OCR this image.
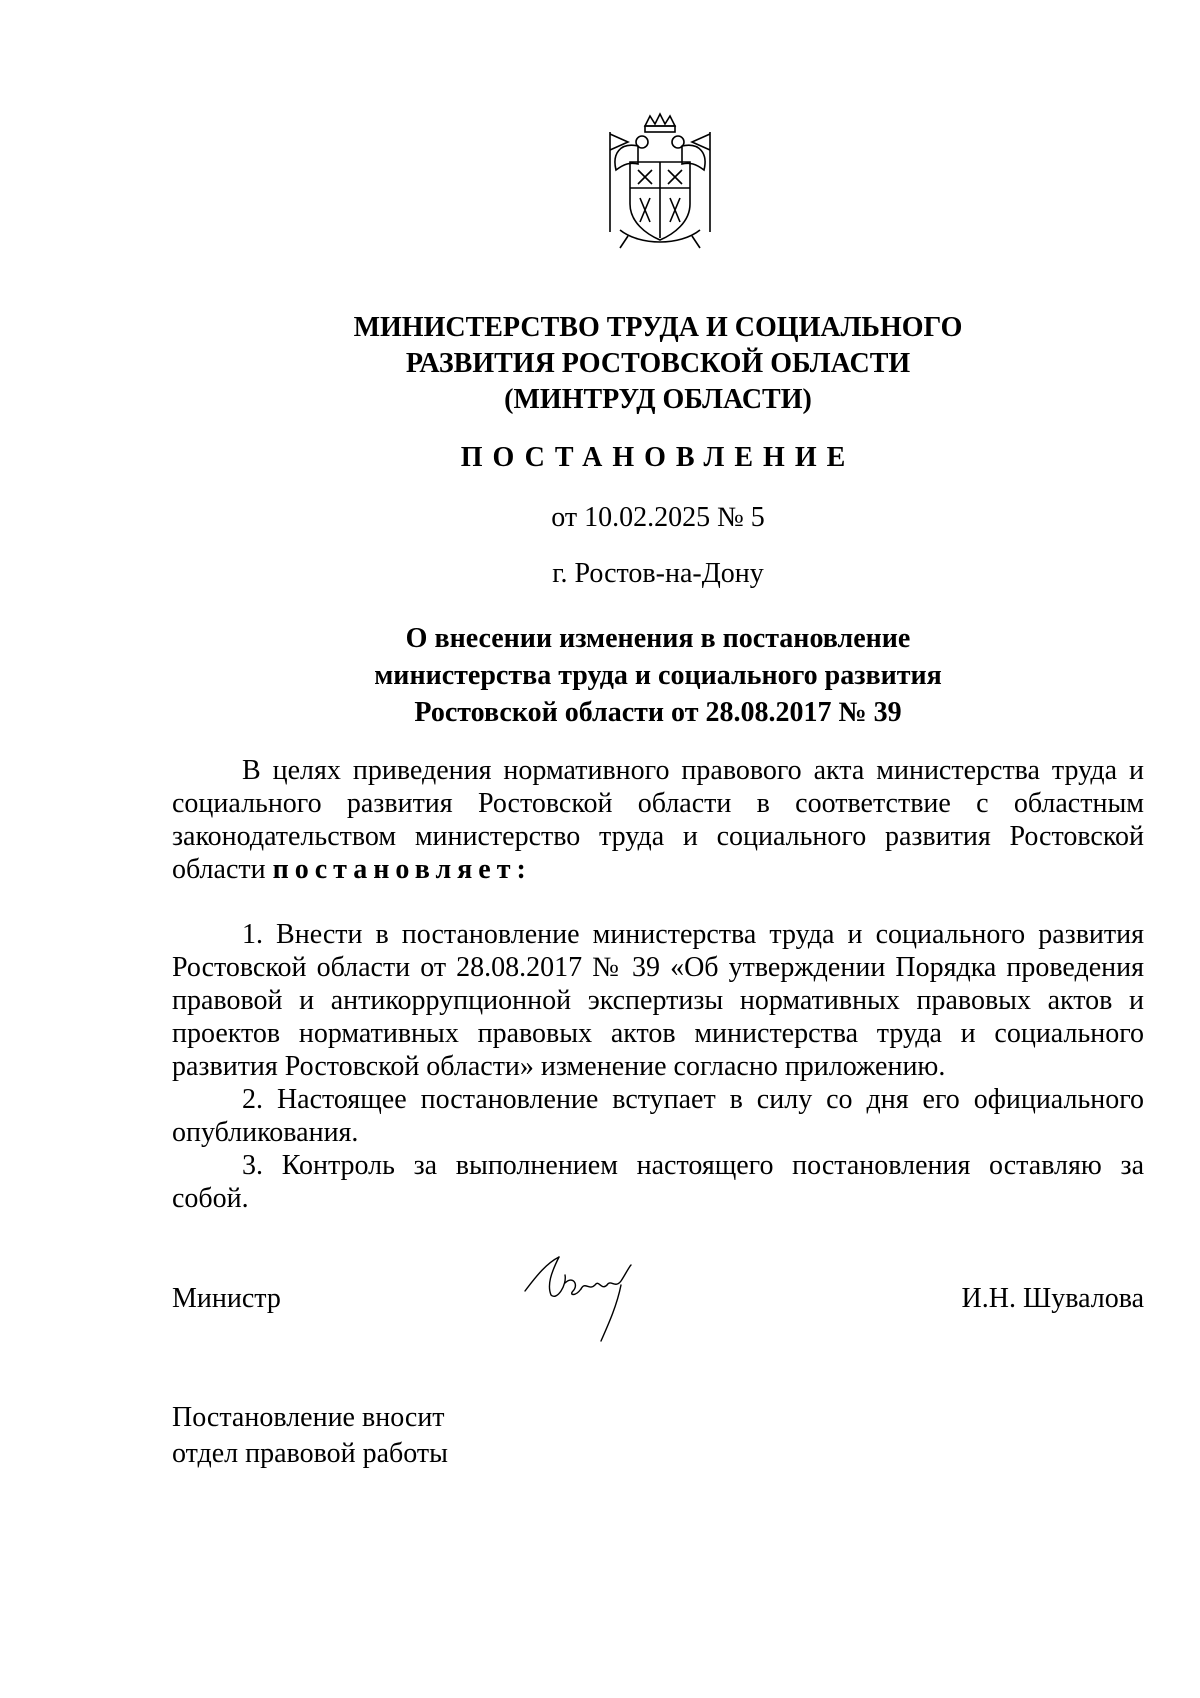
МИНИСТЕРСТВО ТРУДА И СОЦИАЛЬНОГО
РАЗВИТИЯ РОСТОВСКОЙ ОБЛАСТИ
(МИНТРУД ОБЛАСТИ)
ПОСТАНОВЛЕНИЕ
от 10.02.2025 № 5
г. Ростов-на-Дону
О внесении изменения в постановление
министерства труда и социального развития
Ростовской области от 28.08.2017 № 39

В целях приведения нормативного правового акта министерства труда и социального развития Ростовской области в соответствие с областным законодательством министерство труда и социального развития Ростовской области постановляет:

1. Внести в постановление министерства труда и социального развития Ростовской области от 28.08.2017 № 39 «Об утверждении Порядка проведения правовой и антикоррупционной экспертизы нормативных правовых актов и проектов нормативных правовых актов министерства труда и социального развития Ростовской области» изменение согласно приложению.

2. Настоящее постановление вступает в силу со дня его официального опубликования.

3. Контроль за выполнением настоящего постановления оставляю за собой.

Министр	И.Н. Шувалова
Постановление вносит
отдел правовой работы
